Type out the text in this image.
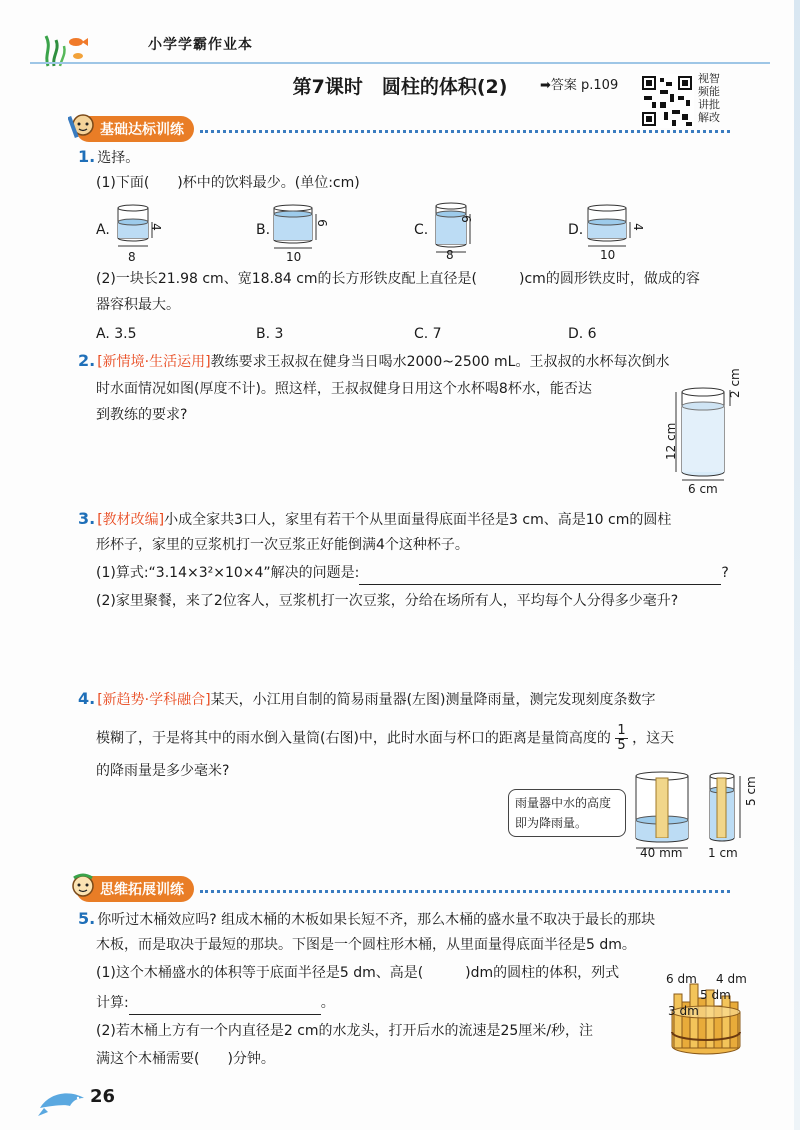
小学学霸作业本
第7课时　圆柱的体积(2)	➡答案 p.109	视智
频能
讲批
解改
基础达标训练
1. 选择。
(1)下面(　　)杯中的饮料最少。(单位:cm)
A.	4
8
B.	6
10
C.
6
8
D.	4
10
(2)一块长21.98 cm、宽18.84 cm的长方形铁皮配上直径是(　　　)cm的圆形铁皮时，做成的容
器容积最大。
A. 3.5	B. 3	C. 7	D. 6
2. [新情境·生活运用]教练要求王叔叔在健身当日喝水2000~2500 mL。王叔叔的水杯每次倒水
时水面情况如图(厚度不计)。照这样，王叔叔健身日用这个水杯喝8杯水，能否达
到教练的要求?
2 cm
12 cm
6 cm
3. [教材改编]小成全家共3口人，家里有若干个从里面量得底面半径是3 cm、高是10 cm的圆柱
形杯子，家里的豆浆机打一次豆浆正好能倒满4个这种杯子。
(1)算式:“3.14×3²×10×4”解决的问题是:	?
(2)家里聚餐，来了2位客人，豆浆机打一次豆浆，分给在场所有人，平均每个人分得多少毫升?
4. [新趋势·学科融合]某天，小江用自制的简易雨量器(左图)测量降雨量，测完发现刻度条数字
模糊了，于是将其中的雨水倒入量筒(右图)中，此时水面与杯口的距离是量筒高度的 $\frac{1}{5}$ ，这天
的降雨量是多少毫米?
雨量器中水的高度即为降雨量。
40 mm
5 cm
1 cm
思维拓展训练
5. 你听过木桶效应吗? 组成木桶的木板如果长短不齐，那么木桶的盛水量不取决于最长的那块
木板，而是取决于最短的那块。下图是一个圆柱形木桶，从里面量得底面半径是5 dm。
(1)这个木桶盛水的体积等于底面半径是5 dm、高是(　　　)dm的圆柱的体积，列式
计算:	。
(2)若木桶上方有一个内直径是2 cm的水龙头，打开后水的流速是25厘米/秒，注
满这个木桶需要(　　)分钟。
6 dm 4 dm
5 dm
3 dm
26
